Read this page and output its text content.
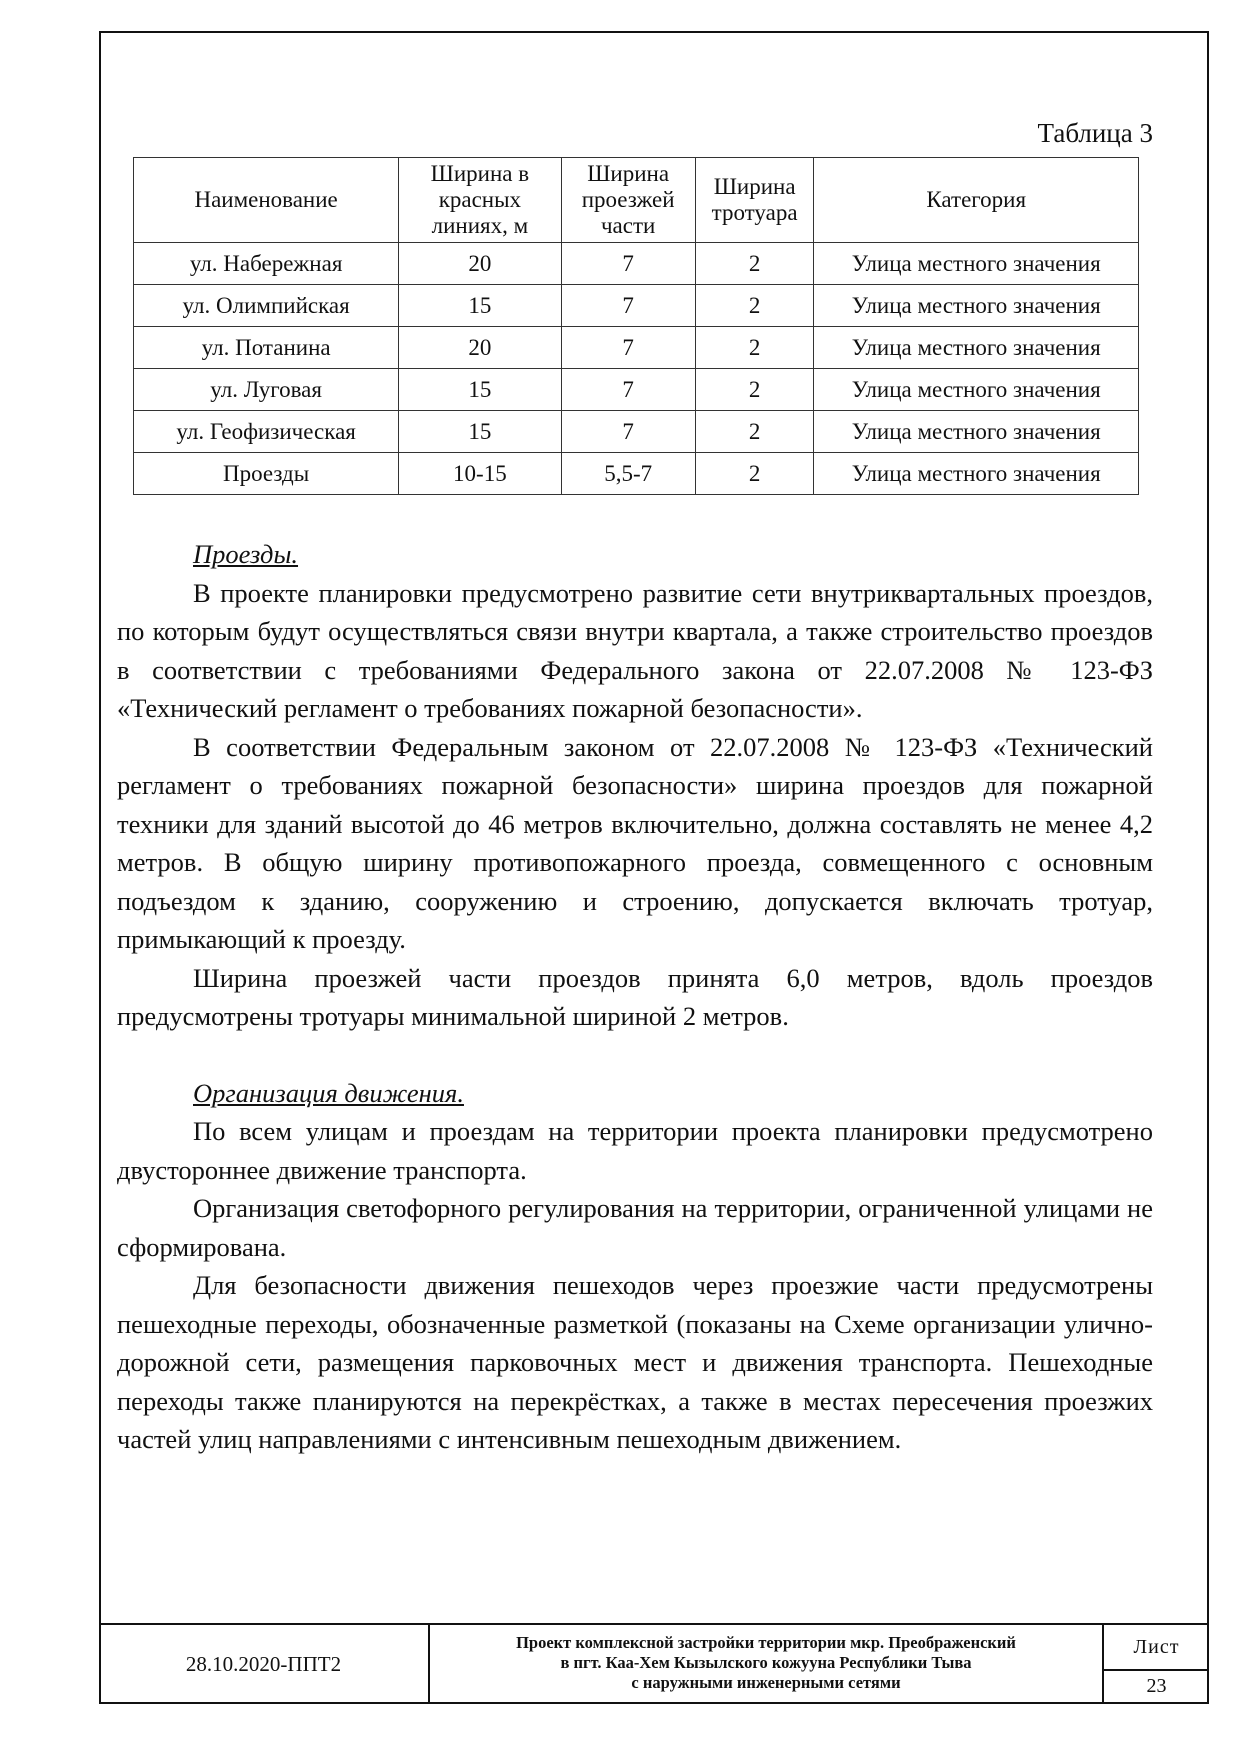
Таблица 3
Наименование	Ширина в красных линиях, м	Ширина проезжей части	Ширина тротуара	Категория
ул. Набережная	20	7	2	Улица местного значения
ул. Олимпийская	15	7	2	Улица местного значения
ул. Потанина	20	7	2	Улица местного значения
ул. Луговая	15	7	2	Улица местного значения
ул. Геофизическая	15	7	2	Улица местного значения
Проезды	10-15	5,5-7	2	Улица местного значения

Проезды.

В проекте планировки предусмотрено развитие сети внутриквартальных проездов, по которым будут осуществляться связи внутри квартала, а также строительство проездов в соответствии с требованиями Федерального закона от 22.07.2008 № 123-ФЗ «Технический регламент о требованиях пожарной безопасности».

В соответствии Федеральным законом от 22.07.2008 № 123-ФЗ «Технический регламент о требованиях пожарной безопасности» ширина проездов для пожарной техники для зданий высотой до 46 метров включительно, должна составлять не менее 4,2 метров. В общую ширину противопожарного проезда, совмещенного с основным подъездом к зданию, сооружению и строению, допускается включать тротуар, примыкающий к проезду.

Ширина проезжей части проездов принята 6,0 метров, вдоль проездов предусмотрены тротуары минимальной шириной 2 метров.

Организация движения.

По всем улицам и проездам на территории проекта планировки предусмотрено двустороннее движение транспорта.

Организация светофорного регулирования на территории, ограниченной улицами не сформирована.

Для безопасности движения пешеходов через проезжие части предусмотрены пешеходные переходы, обозначенные разметкой (показаны на Схеме организации улично-дорожной сети, размещения парковочных мест и движения транспорта. Пешеходные переходы также планируются на перекрёстках, а также в местах пересечения проезжих частей улиц направлениями с интенсивным пешеходным движением.

28.10.2020-ППТ2
Проект комплексной застройки территории мкр. Преображенский
в пгт. Каа-Хем Кызылского кожууна Республики Тыва
с наружными инженерными сетями
Лист
23
